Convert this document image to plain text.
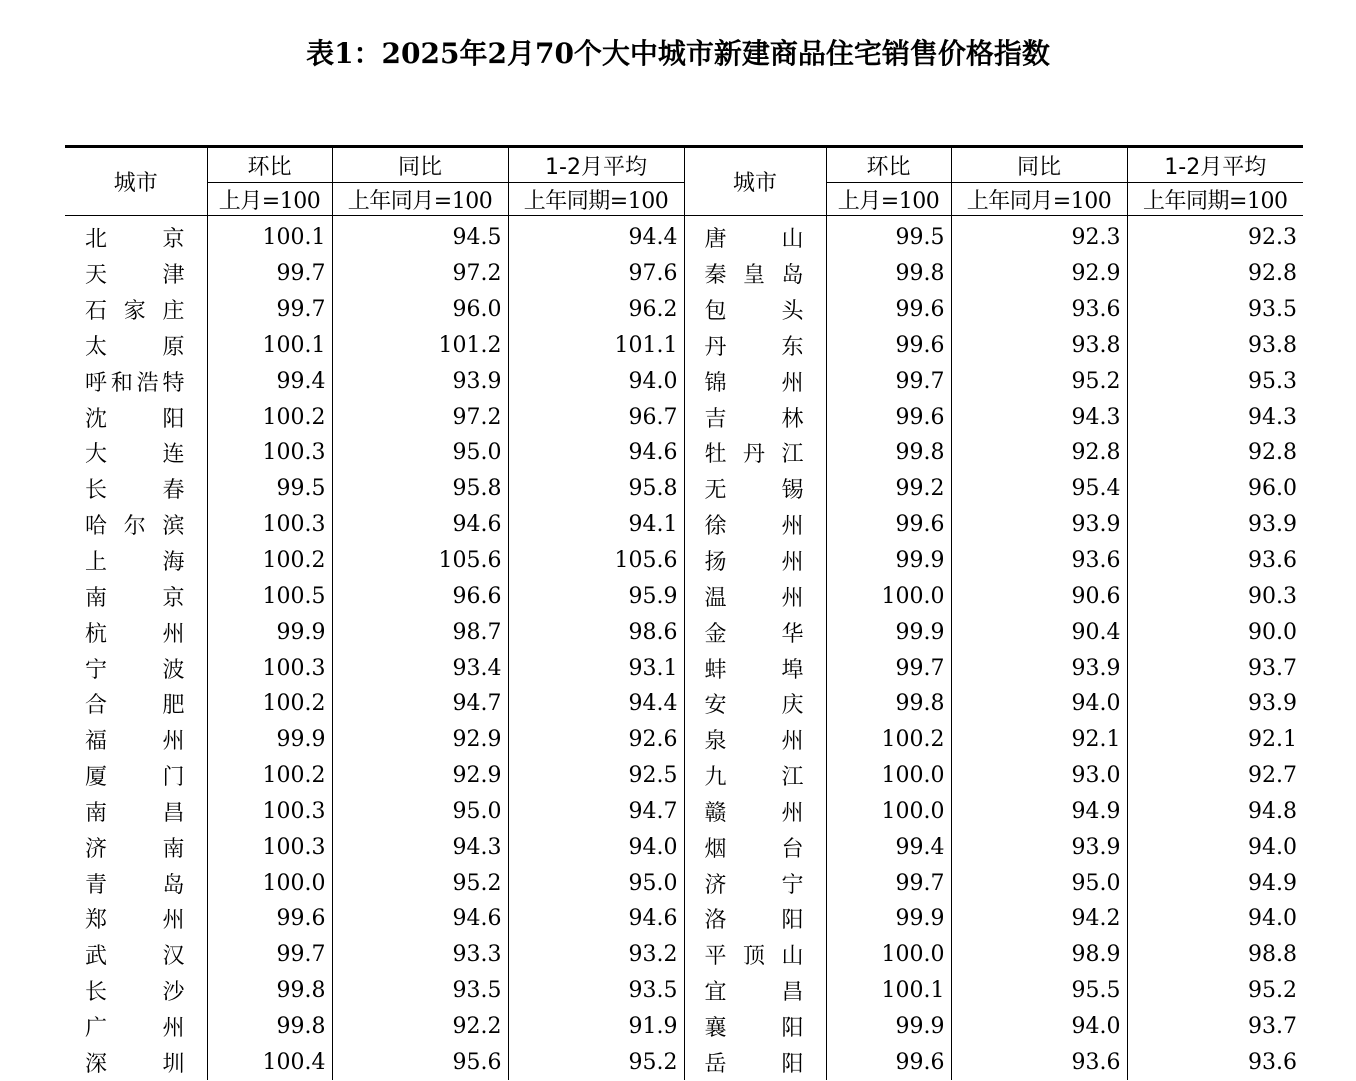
表1：2025年2月70个大中城市新建商品住宅销售价格指数
城市	环比	同比	1-2月平均	城市	环比	同比	1-2月平均
	上月=100	上年同月=100	上年同期=100		上月=100	上年同月=100	上年同期=100
北京	100.1	94.5	94.4	唐山	99.5	92.3	92.3
天津	99.7	97.2	97.6	秦皇岛	99.8	92.9	92.8
石家庄	99.7	96.0	96.2	包头	99.6	93.6	93.5
太原	100.1	101.2	101.1	丹东	99.6	93.8	93.8
呼和浩特	99.4	93.9	94.0	锦州	99.7	95.2	95.3
沈阳	100.2	97.2	96.7	吉林	99.6	94.3	94.3
大连	100.3	95.0	94.6	牡丹江	99.8	92.8	92.8
长春	99.5	95.8	95.8	无锡	99.2	95.4	96.0
哈尔滨	100.3	94.6	94.1	徐州	99.6	93.9	93.9
上海	100.2	105.6	105.6	扬州	99.9	93.6	93.6
南京	100.5	96.6	95.9	温州	100.0	90.6	90.3
杭州	99.9	98.7	98.6	金华	99.9	90.4	90.0
宁波	100.3	93.4	93.1	蚌埠	99.7	93.9	93.7
合肥	100.2	94.7	94.4	安庆	99.8	94.0	93.9
福州	99.9	92.9	92.6	泉州	100.2	92.1	92.1
厦门	100.2	92.9	92.5	九江	100.0	93.0	92.7
南昌	100.3	95.0	94.7	赣州	100.0	94.9	94.8
济南	100.3	94.3	94.0	烟台	99.4	93.9	94.0
青岛	100.0	95.2	95.0	济宁	99.7	95.0	94.9
郑州	99.6	94.6	94.6	洛阳	99.9	94.2	94.0
武汉	99.7	93.3	93.2	平顶山	100.0	98.9	98.8
长沙	99.8	93.5	93.5	宜昌	100.1	95.5	95.2
广州	99.8	92.2	91.9	襄阳	99.9	94.0	93.7
深圳	100.4	95.6	95.2	岳阳	99.6	93.6	93.6
